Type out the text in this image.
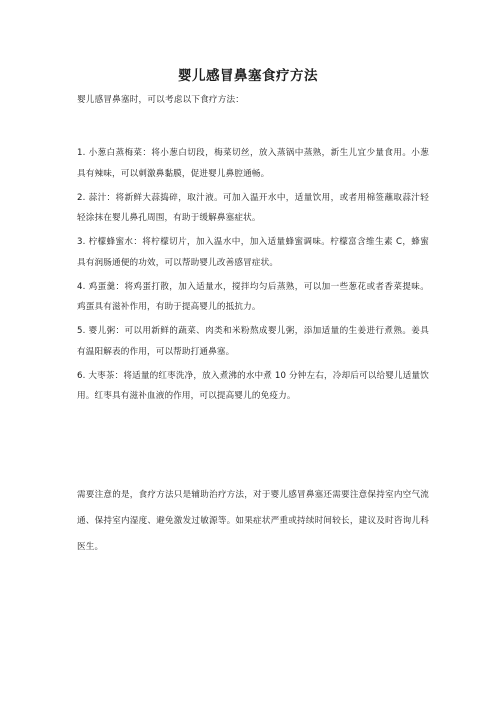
婴儿感冒鼻塞食疗方法
婴儿感冒鼻塞时，可以考虑以下食疗方法：
1. 小葱白蒸梅菜：将小葱白切段，梅菜切丝，放入蒸锅中蒸熟，新生儿宜少量食用。小葱具有辣味，可以刺激鼻黏膜，促进婴儿鼻腔通畅。
2. 蒜汁：将新鲜大蒜捣碎，取汁液。可加入温开水中，适量饮用，或者用棉签蘸取蒜汁轻轻涂抹在婴儿鼻孔周围，有助于缓解鼻塞症状。
3. 柠檬蜂蜜水：将柠檬切片，加入温水中，加入适量蜂蜜调味。柠檬富含维生素 C，蜂蜜具有润肠通便的功效，可以帮助婴儿改善感冒症状。
4. 鸡蛋羹：将鸡蛋打散，加入适量水，搅拌均匀后蒸熟，可以加一些葱花或者香菜提味。鸡蛋具有滋补作用，有助于提高婴儿的抵抗力。
5. 婴儿粥：可以用新鲜的蔬菜、肉类和米粉熬成婴儿粥，添加适量的生姜进行煮熟。姜具有温阳解表的作用，可以帮助打通鼻塞。
6. 大枣茶：将适量的红枣洗净，放入煮沸的水中煮 10 分钟左右，冷却后可以给婴儿适量饮用。红枣具有滋补血液的作用，可以提高婴儿的免疫力。
需要注意的是，食疗方法只是辅助治疗方法，对于婴儿感冒鼻塞还需要注意保持室内空气流通、保持室内湿度、避免激发过敏源等。如果症状严重或持续时间较长，建议及时咨询儿科医生。
